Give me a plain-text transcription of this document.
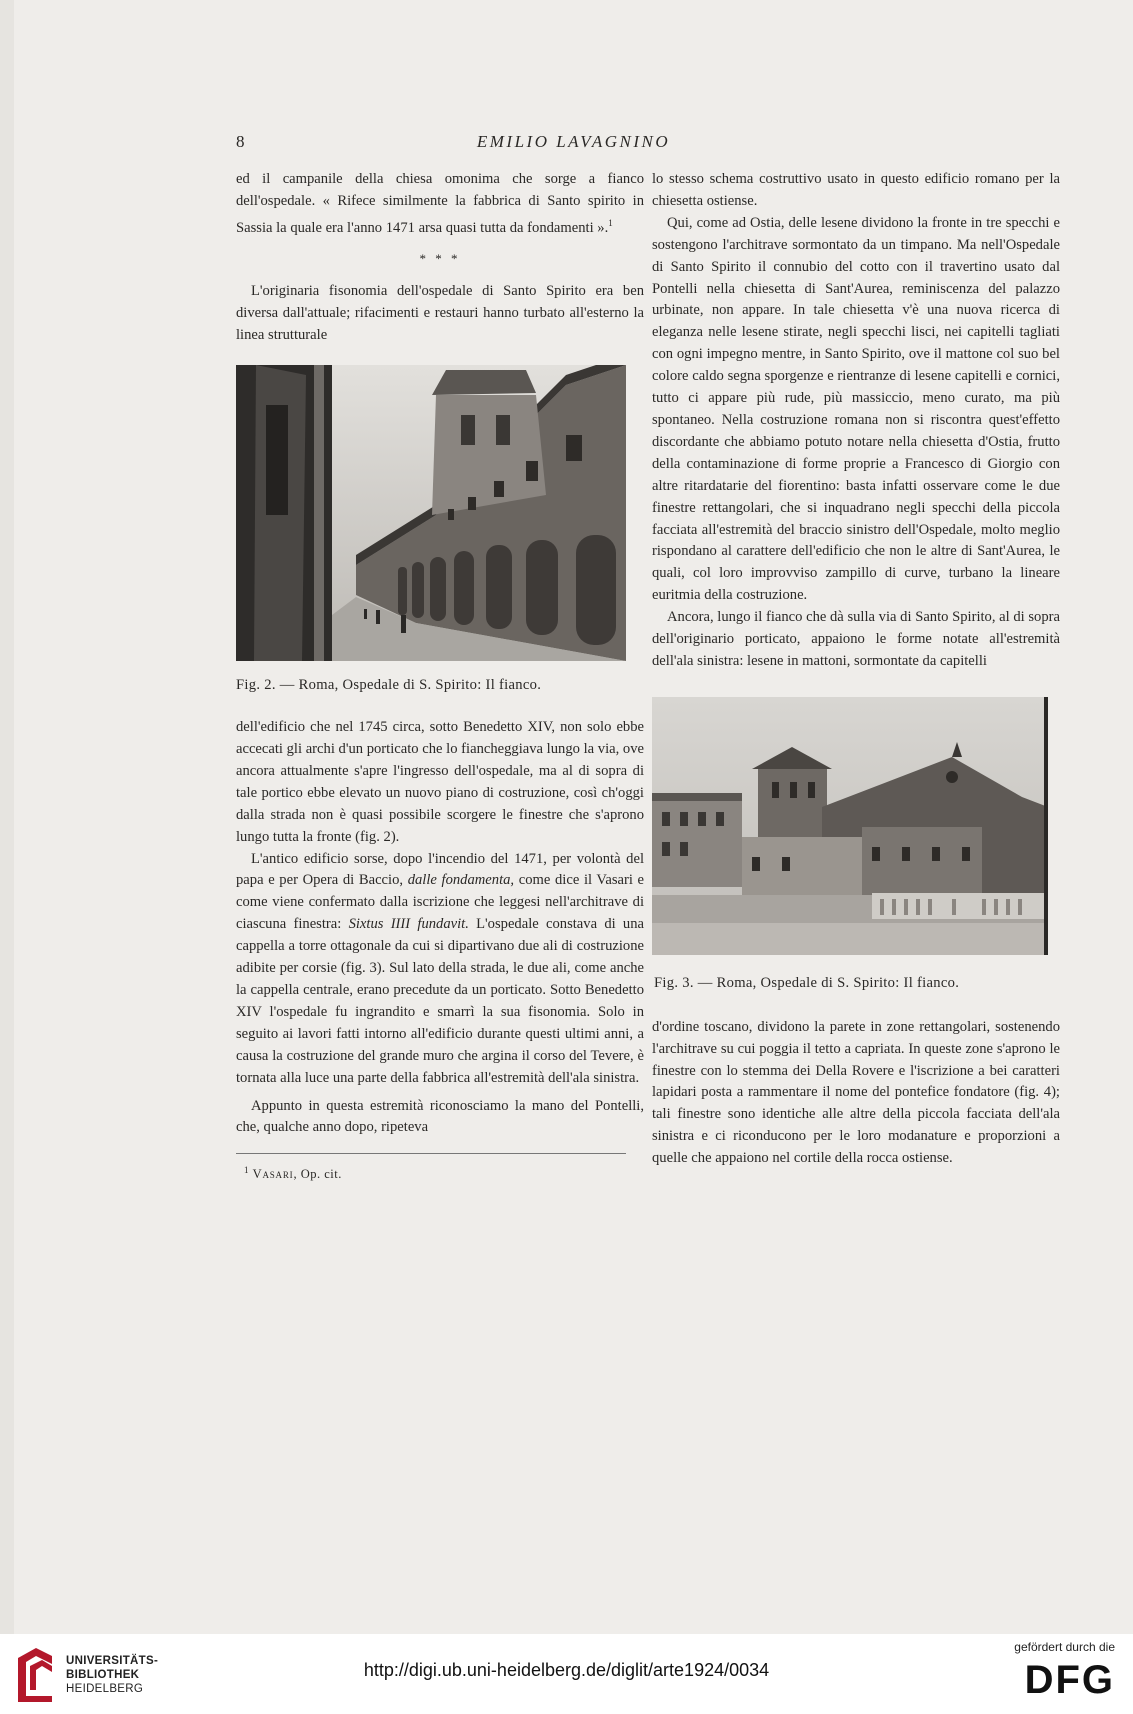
8	EMILIO LAVAGNINO

ed il campanile della chiesa omonima che sorge a fianco dell'ospedale. « Rifece similmente la fabbrica di Santo spirito in Sassia la quale era l'anno 1471 arsa quasi tutta da fondamenti ».$^1$

* * *

L'originaria fisonomia dell'ospedale di Santo Spirito era ben diversa dall'attuale; rifacimenti e restauri hanno turbato all'esterno la linea strutturale

Fig. 2. — Roma, Ospedale di S. Spirito: Il fianco.

dell'edificio che nel 1745 circa, sotto Benedetto XIV, non solo ebbe accecati gli archi d'un porticato che lo fiancheggiava lungo la via, ove ancora attualmente s'apre l'ingresso dell'ospedale, ma al di sopra di tale portico ebbe elevato un nuovo piano di costruzione, così ch'oggi dalla strada non è quasi possibile scorgere le finestre che s'aprono lungo tutta la fronte (fig. 2).

L'antico edificio sorse, dopo l'incendio del 1471, per volontà del papa e per Opera di Baccio, dalle fondamenta, come dice il Vasari e come viene confermato dalla iscrizione che leggesi nell'architrave di ciascuna finestra: Sixtus IIII fundavit. L'ospedale constava di una cappella a torre ottagonale da cui si dipartivano due ali di costruzione adibite per corsie (fig. 3). Sul lato della strada, le due ali, come anche la cappella centrale, erano precedute da un porticato. Sotto Benedetto XIV l'ospedale fu ingrandito e smarrì la sua fisonomia. Solo in seguito ai lavori fatti intorno all'edificio durante questi ultimi anni, a causa la costruzione del grande muro che argina il corso del Tevere, è tornata alla luce una parte della fabbrica all'estremità dell'ala sinistra.

Appunto in questa estremità riconosciamo la mano del Pontelli, che, qualche anno dopo, ripeteva

$^1$ Vasari, Op. cit.

lo stesso schema costruttivo usato in questo edificio romano per la chiesetta ostiense.

Qui, come ad Ostia, delle lesene dividono la fronte in tre specchi e sostengono l'architrave sormontato da un timpano. Ma nell'Ospedale di Santo Spirito il connubio del cotto con il travertino usato dal Pontelli nella chiesetta di Sant'Aurea, reminiscenza del palazzo urbinate, non appare. In tale chiesetta v'è una nuova ricerca di eleganza nelle lesene stirate, negli specchi lisci, nei capitelli tagliati con ogni impegno mentre, in Santo Spirito, ove il mattone col suo bel colore caldo segna sporgenze e rientranze di lesene capitelli e cornici, tutto ci appare più rude, più massiccio, meno curato, ma più spontaneo. Nella costruzione romana non si riscontra quest'effetto discordante che abbiamo potuto notare nella chiesetta d'Ostia, frutto della contaminazione di forme proprie a Francesco di Giorgio con altre ritardatarie del fiorentino: basta infatti osservare come le due finestre rettangolari, che si inquadrano negli specchi della piccola facciata all'estremità del braccio sinistro dell'Ospedale, molto meglio rispondano al carattere dell'edificio che non le altre di Sant'Aurea, le quali, col loro improvviso zampillo di curve, turbano la lineare euritmia della costruzione.

Ancora, lungo il fianco che dà sulla via di Santo Spirito, al di sopra dell'originario porticato, appaiono le forme notate all'estremità dell'ala sinistra: lesene in mattoni, sormontate da capitelli

Fig. 3. — Roma, Ospedale di S. Spirito: Il fianco.

d'ordine toscano, dividono la parete in zone rettangolari, sostenendo l'architrave su cui poggia il tetto a capriata. In queste zone s'aprono le finestre con lo stemma dei Della Rovere e l'iscrizione a bei caratteri lapidari posta a rammentare il nome del pontefice fondatore (fig. 4); tali finestre sono identiche alle altre della piccola facciata dell'ala sinistra e ci riconducono per le loro modanature e proporzioni a quelle che appaiono nel cortile della rocca ostiense.

UNIVERSITÄTS-
BIBLIOTHEK
HEIDELBERG
http://digi.ub.uni-heidelberg.de/diglit/arte1924/0034
gefördert durch die
DFG
